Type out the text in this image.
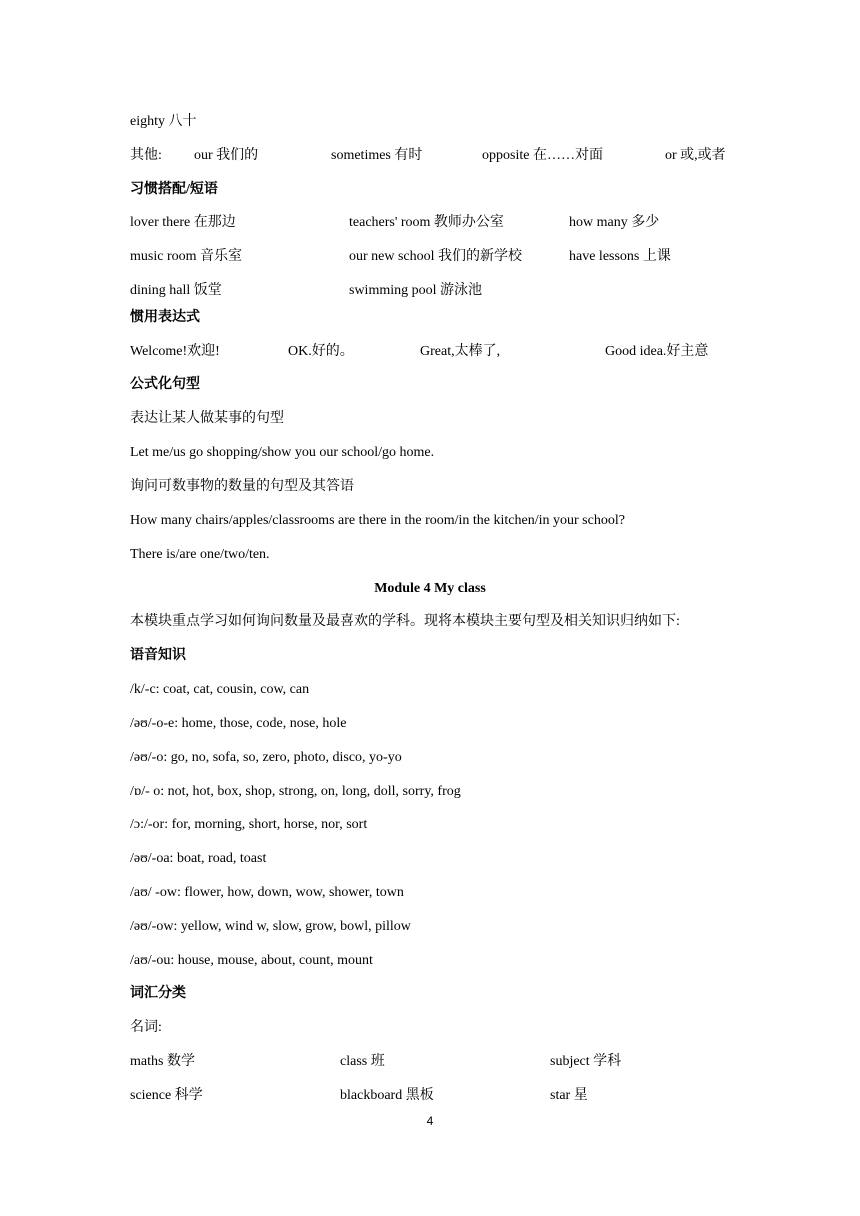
eighty 八十
其他: our 我们的	sometimes 有时	opposite 在……对面	or 或,或者
习惯搭配/短语
lover there 在那边	teachers' room 教师办公室	how many 多少
music room 音乐室	our new school 我们的新学校	have lessons 上课
dining hall 饭堂	swimming pool 游泳池
惯用表达式
Welcome!欢迎!	OK.好的。	Great,太棒了,	Good idea.好主意
公式化句型
表达让某人做某事的句型
Let me/us go shopping/show you our school/go home.
询问可数事物的数量的句型及其答语
How many chairs/apples/classrooms are there in the room/in the kitchen/in your school?
There is/are one/two/ten.
Module 4 My class
本模块重点学习如何询问数量及最喜欢的学科。现将本模块主要句型及相关知识归纳如下:
语音知识
/k/-c: coat, cat, cousin, cow, can
/əʊ/-o-e: home, those, code, nose, hole
/əʊ/-o: go, no, sofa, so, zero, photo, disco, yo-yo
/ɒ/- o: not, hot, box, shop, strong, on, long, doll, sorry, frog
/ɔ:/-or: for, morning, short, horse, nor, sort
/əʊ/-oa: boat, road, toast
/aʊ/ -ow: flower, how, down, wow, shower, town
/əʊ/-ow: yellow, wind w, slow, grow, bowl, pillow
/aʊ/-ou: house, mouse, about, count, mount
词汇分类
名词:
maths 数学	class 班	subject 学科
science 科学	blackboard 黑板	star 星
4
